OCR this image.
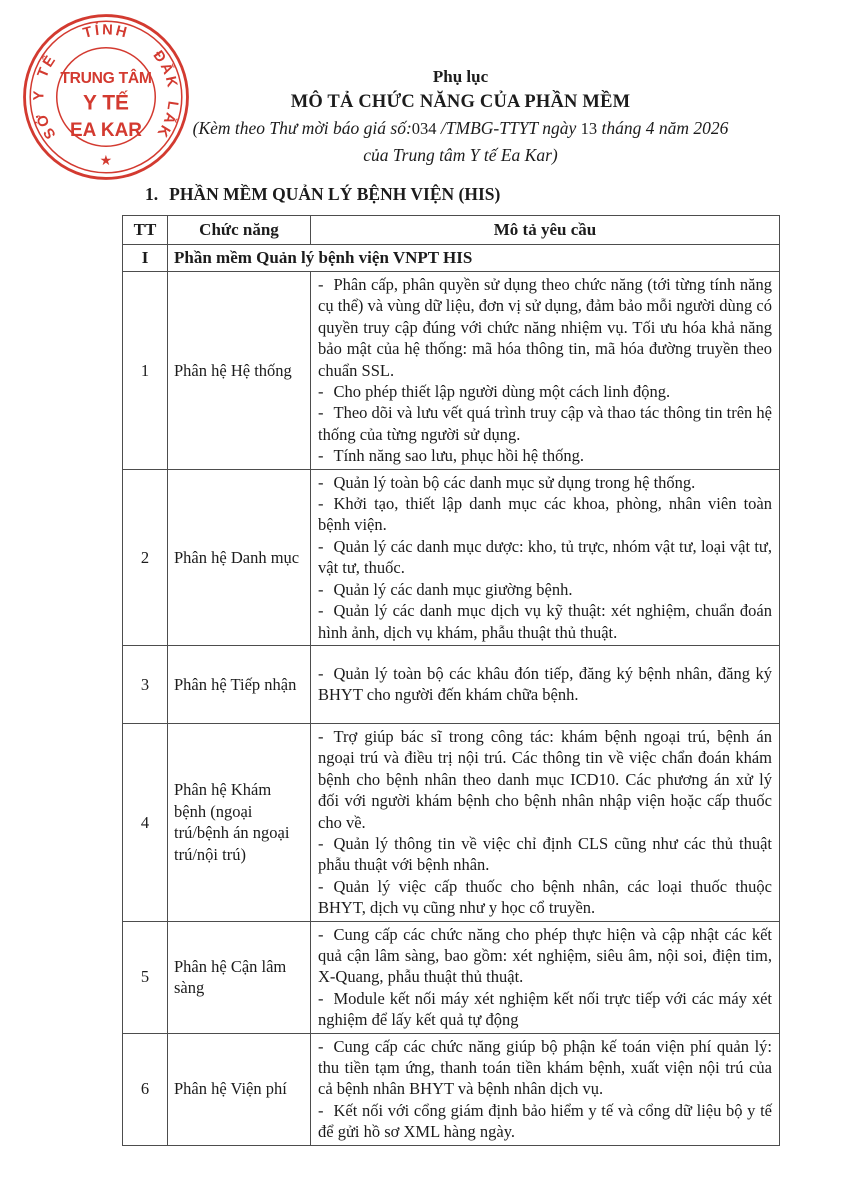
SỞ Y TẾ
TỈNH
ĐẮK LẮK
TRUNG TÂM
Y TẾ
EA KAR
★
Phụ lục
MÔ TẢ CHỨC NĂNG CỦA PHẦN MỀM
(Kèm theo Thư mời báo giá số:034 /TMBG-TTYT ngày 13 tháng 4 năm 2026
của Trung tâm Y tế Ea Kar)
1. PHẦN MỀM QUẢN LÝ BỆNH VIỆN (HIS)
TT	Chức năng	Mô tả yêu cầu
I	Phần mềm Quản lý bệnh viện VNPT HIS	
1	Phân hệ Hệ thống	- Phân cấp, phân quyền sử dụng theo chức năng (tới từng tính năng cụ thể) và vùng dữ liệu, đơn vị sử dụng, đảm bảo mỗi người dùng có quyền truy cập đúng với chức năng nhiệm vụ. Tối ưu hóa khả năng bảo mật của hệ thống: mã hóa thông tin, mã hóa đường truyền theo chuẩn SSL.

- Cho phép thiết lập người dùng một cách linh động.

- Theo dõi và lưu vết quá trình truy cập và thao tác thông tin trên hệ thống của từng người sử dụng.

- Tính năng sao lưu, phục hồi hệ thống.

2	Phân hệ Danh mục	- Quản lý toàn bộ các danh mục sử dụng trong hệ thống.

- Khởi tạo, thiết lập danh mục các khoa, phòng, nhân viên toàn bệnh viện.

- Quản lý các danh mục dược: kho, tủ trực, nhóm vật tư, loại vật tư, vật tư, thuốc.

- Quản lý các danh mục giường bệnh.

- Quản lý các danh mục dịch vụ kỹ thuật: xét nghiệm, chuẩn đoán hình ảnh, dịch vụ khám, phẫu thuật thủ thuật.

3	Phân hệ Tiếp nhận	- Quản lý toàn bộ các khâu đón tiếp, đăng ký bệnh nhân, đăng ký BHYT cho người đến khám chữa bệnh.

4	Phân hệ Khám bệnh (ngoại trú/bệnh án ngoại trú/nội trú)	- Trợ giúp bác sĩ trong công tác: khám bệnh ngoại trú, bệnh án ngoại trú và điều trị nội trú. Các thông tin về việc chẩn đoán khám bệnh cho bệnh nhân theo danh mục ICD10. Các phương án xử lý đối với người khám bệnh cho bệnh nhân nhập viện hoặc cấp thuốc cho về.

- Quản lý thông tin về việc chỉ định CLS cũng như các thủ thuật phẫu thuật với bệnh nhân.

- Quản lý việc cấp thuốc cho bệnh nhân, các loại thuốc thuộc BHYT, dịch vụ cũng như y học cổ truyền.

5	Phân hệ Cận lâm sàng	- Cung cấp các chức năng cho phép thực hiện và cập nhật các kết quả cận lâm sàng, bao gồm: xét nghiệm, siêu âm, nội soi, điện tim, X-Quang, phẫu thuật thủ thuật.

- Module kết nối máy xét nghiệm kết nối trực tiếp với các máy xét nghiệm để lấy kết quả tự động

6	Phân hệ Viện phí	- Cung cấp các chức năng giúp bộ phận kế toán viện phí quản lý: thu tiền tạm ứng, thanh toán tiền khám bệnh, xuất viện nội trú của cả bệnh nhân BHYT và bệnh nhân dịch vụ.

- Kết nối với cổng giám định bảo hiểm y tế và cổng dữ liệu bộ y tế để gửi hồ sơ XML hàng ngày.
